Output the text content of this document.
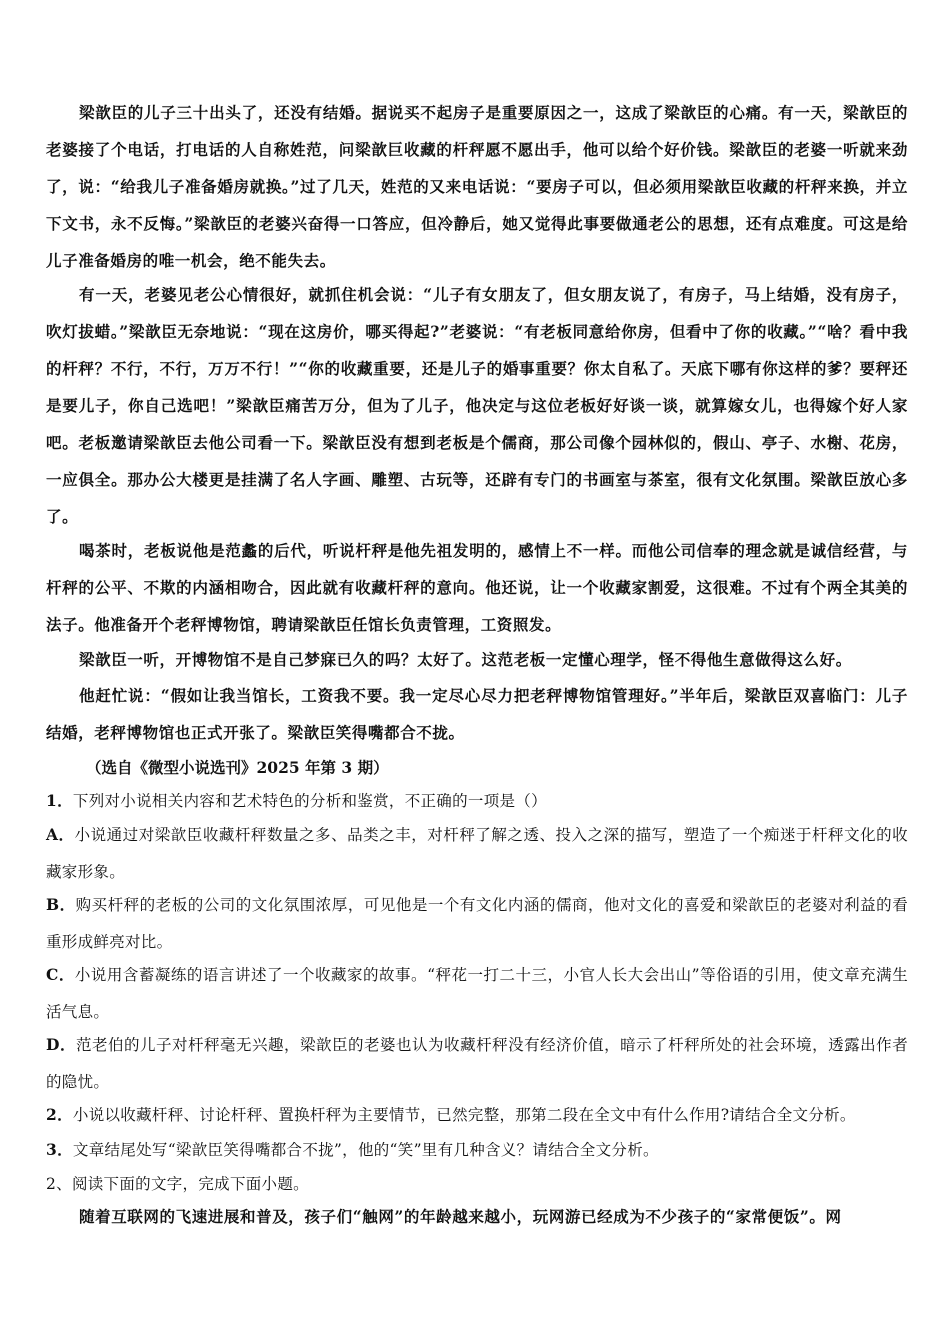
梁歆臣的儿子三十出头了，还没有结婚。据说买不起房子是重要原因之一，这成了梁歆臣的心痛。有一天，梁歆臣的老婆接了个电话，打电话的人自称姓范，问梁歆巨收藏的杆秤愿不愿出手，他可以给个好价钱。梁歆臣的老婆一听就来劲了，说：“给我儿子准备婚房就换。”过了几天，姓范的又来电话说：“要房子可以，但必须用梁歆臣收藏的杆秤来换，并立下文书，永不反悔。”梁歆臣的老婆兴奋得一口答应，但冷静后，她又觉得此事要做通老公的思想，还有点难度。可这是给儿子准备婚房的唯一机会，绝不能失去。

有一天，老婆见老公心情很好，就抓住机会说：“儿子有女朋友了，但女朋友说了，有房子，马上结婚，没有房子，吹灯拔蜡。”梁歆臣无奈地说：“现在这房价，哪买得起?”老婆说：“有老板同意给你房，但看中了你的收藏。”“啥？看中我的杆秤？不行，不行，万万不行！”“你的收藏重要，还是儿子的婚事重要？你太自私了。天底下哪有你这样的爹？要秤还是要儿子，你自己选吧！”梁歆臣痛苦万分，但为了儿子，他决定与这位老板好好谈一谈，就算嫁女儿，也得嫁个好人家吧。老板邀请梁歆臣去他公司看一下。梁歆臣没有想到老板是个儒商，那公司像个园林似的，假山、亭子、水榭、花房，一应俱全。那办公大楼更是挂满了名人字画、雕塑、古玩等，还辟有专门的书画室与茶室，很有文化氛围。梁歆臣放心多了。

喝茶时，老板说他是范蠡的后代，听说杆秤是他先祖发明的，感情上不一样。而他公司信奉的理念就是诚信经营，与杆秤的公平、不欺的内涵相吻合，因此就有收藏杆秤的意向。他还说，让一个收藏家割爱，这很难。不过有个两全其美的法子。他准备开个老秤博物馆，聘请梁歆臣任馆长负责管理，工资照发。

梁歆臣一听，开博物馆不是自己梦寐已久的吗？太好了。这范老板一定懂心理学，怪不得他生意做得这么好。

他赶忙说：“假如让我当馆长，工资我不要。我一定尽心尽力把老秤博物馆管理好。”半年后，梁歆臣双喜临门：儿子结婚，老秤博物馆也正式开张了。梁歆臣笑得嘴都合不拢。

（选自《微型小说选刊》2025 年第 3 期）

1．下列对小说相关内容和艺术特色的分析和鉴赏，不正确的一项是（）

A．小说通过对梁歆臣收藏杆秤数量之多、品类之丰，对杆秤了解之透、投入之深的描写，塑造了一个痴迷于杆秤文化的收藏家形象。

B．购买杆秤的老板的公司的文化氛围浓厚，可见他是一个有文化内涵的儒商，他对文化的喜爱和梁歆臣的老婆对利益的看重形成鲜亮对比。

C．小说用含蓄凝练的语言讲述了一个收藏家的故事。“秤花一打二十三，小官人长大会出山”等俗语的引用，使文章充满生活气息。

D．范老伯的儿子对杆秤毫无兴趣，梁歆臣的老婆也认为收藏杆秤没有经济价值，暗示了杆秤所处的社会环境，透露出作者的隐忧。

2．小说以收藏杆秤、讨论杆秤、置换杆秤为主要情节，已然完整，那第二段在全文中有什么作用?请结合全文分析。

3．文章结尾处写“梁歆臣笑得嘴都合不拢”，他的“笑”里有几种含义？请结合全文分析。

2、阅读下面的文字，完成下面小题。

随着互联网的飞速进展和普及，孩子们“触网”的年龄越来越小，玩网游已经成为不少孩子的“家常便饭”。网
